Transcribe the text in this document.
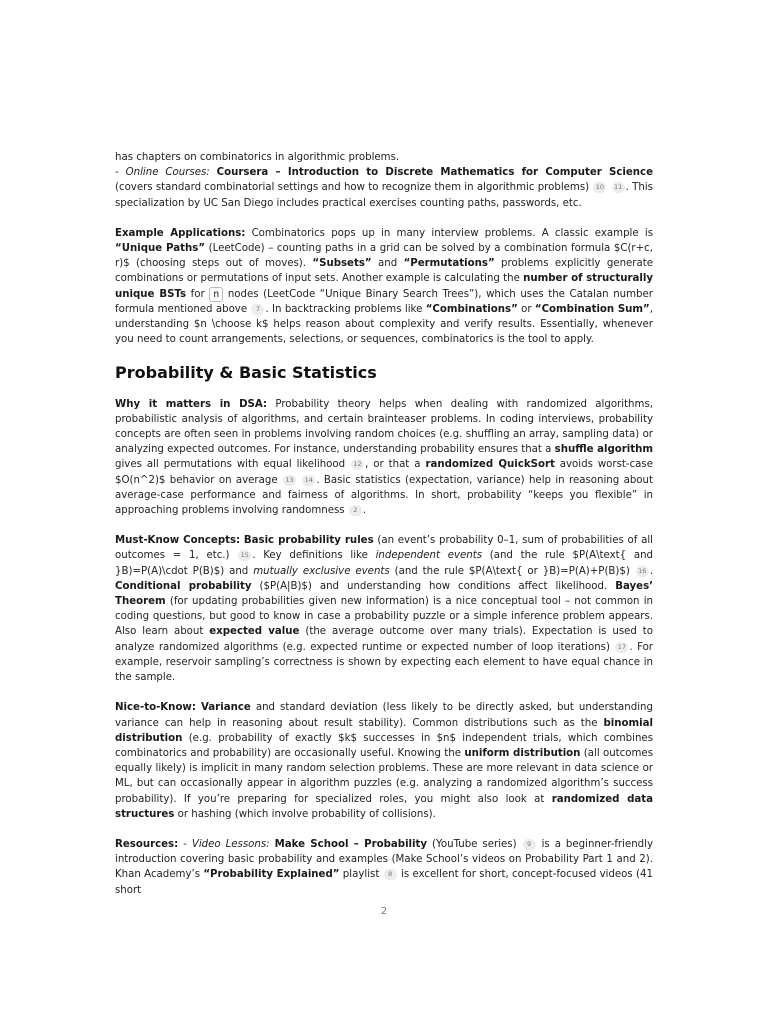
has chapters on combinatorics in algorithmic problems.
- Online Courses: Coursera – Introduction to Discrete Mathematics for Computer Science (covers standard combinatorial settings and how to recognize them in algorithmic problems) 10 11 . This specialization by UC San Diego includes practical exercises counting paths, passwords, etc.

Example Applications: Combinatorics pops up in many interview problems. A classic example is “Unique Paths” (LeetCode) – counting paths in a grid can be solved by a combination formula $C(r+c, r)$ (choosing steps out of moves). “Subsets” and “Permutations” problems explicitly generate combinations or permutations of input sets. Another example is calculating the number of structurally unique BSTs for n nodes (LeetCode “Unique Binary Search Trees”), which uses the Catalan number formula mentioned above 7 . In backtracking problems like “Combinations” or “Combination Sum”, understanding $n \choose k$ helps reason about complexity and verify results. Essentially, whenever you need to count arrangements, selections, or sequences, combinatorics is the tool to apply.

Probability & Basic Statistics

Why it matters in DSA: Probability theory helps when dealing with randomized algorithms, probabilistic analysis of algorithms, and certain brainteaser problems. In coding interviews, probability concepts are often seen in problems involving random choices (e.g. shuffling an array, sampling data) or analyzing expected outcomes. For instance, understanding probability ensures that a shuffle algorithm gives all permutations with equal likelihood 12 , or that a randomized QuickSort avoids worst-case $O(n^2)$ behavior on average 13 14 . Basic statistics (expectation, variance) help in reasoning about average-case performance and fairness of algorithms. In short, probability “keeps you flexible” in approaching problems involving randomness 2 .

Must-Know Concepts: Basic probability rules (an event’s probability 0–1, sum of probabilities of all outcomes = 1, etc.) 15 . Key definitions like independent events (and the rule $P(A\text{ and }B)=P(A)\cdot P(B)$) and mutually exclusive events (and the rule $P(A\text{ or }B)=P(A)+P(B)$) 16 . Conditional probability ($P(A|B)$) and understanding how conditions affect likelihood. Bayes’ Theorem (for updating probabilities given new information) is a nice conceptual tool – not common in coding questions, but good to know in case a probability puzzle or a simple inference problem appears. Also learn about expected value (the average outcome over many trials). Expectation is used to analyze randomized algorithms (e.g. expected runtime or expected number of loop iterations) 17 . For example, reservoir sampling’s correctness is shown by expecting each element to have equal chance in the sample.

Nice-to-Know: Variance and standard deviation (less likely to be directly asked, but understanding variance can help in reasoning about result stability). Common distributions such as the binomial distribution (e.g. probability of exactly $k$ successes in $n$ independent trials, which combines combinatorics and probability) are occasionally useful. Knowing the uniform distribution (all outcomes equally likely) is implicit in many random selection problems. These are more relevant in data science or ML, but can occasionally appear in algorithm puzzles (e.g. analyzing a randomized algorithm’s success probability). If you’re preparing for specialized roles, you might also look at randomized data structures or hashing (which involve probability of collisions).

Resources: - Video Lessons: Make School – Probability (YouTube series) 9 is a beginner-friendly introduction covering basic probability and examples (Make School’s videos on Probability Part 1 and 2). Khan Academy’s “Probability Explained” playlist 8 is excellent for short, concept-focused videos (41 short

2
